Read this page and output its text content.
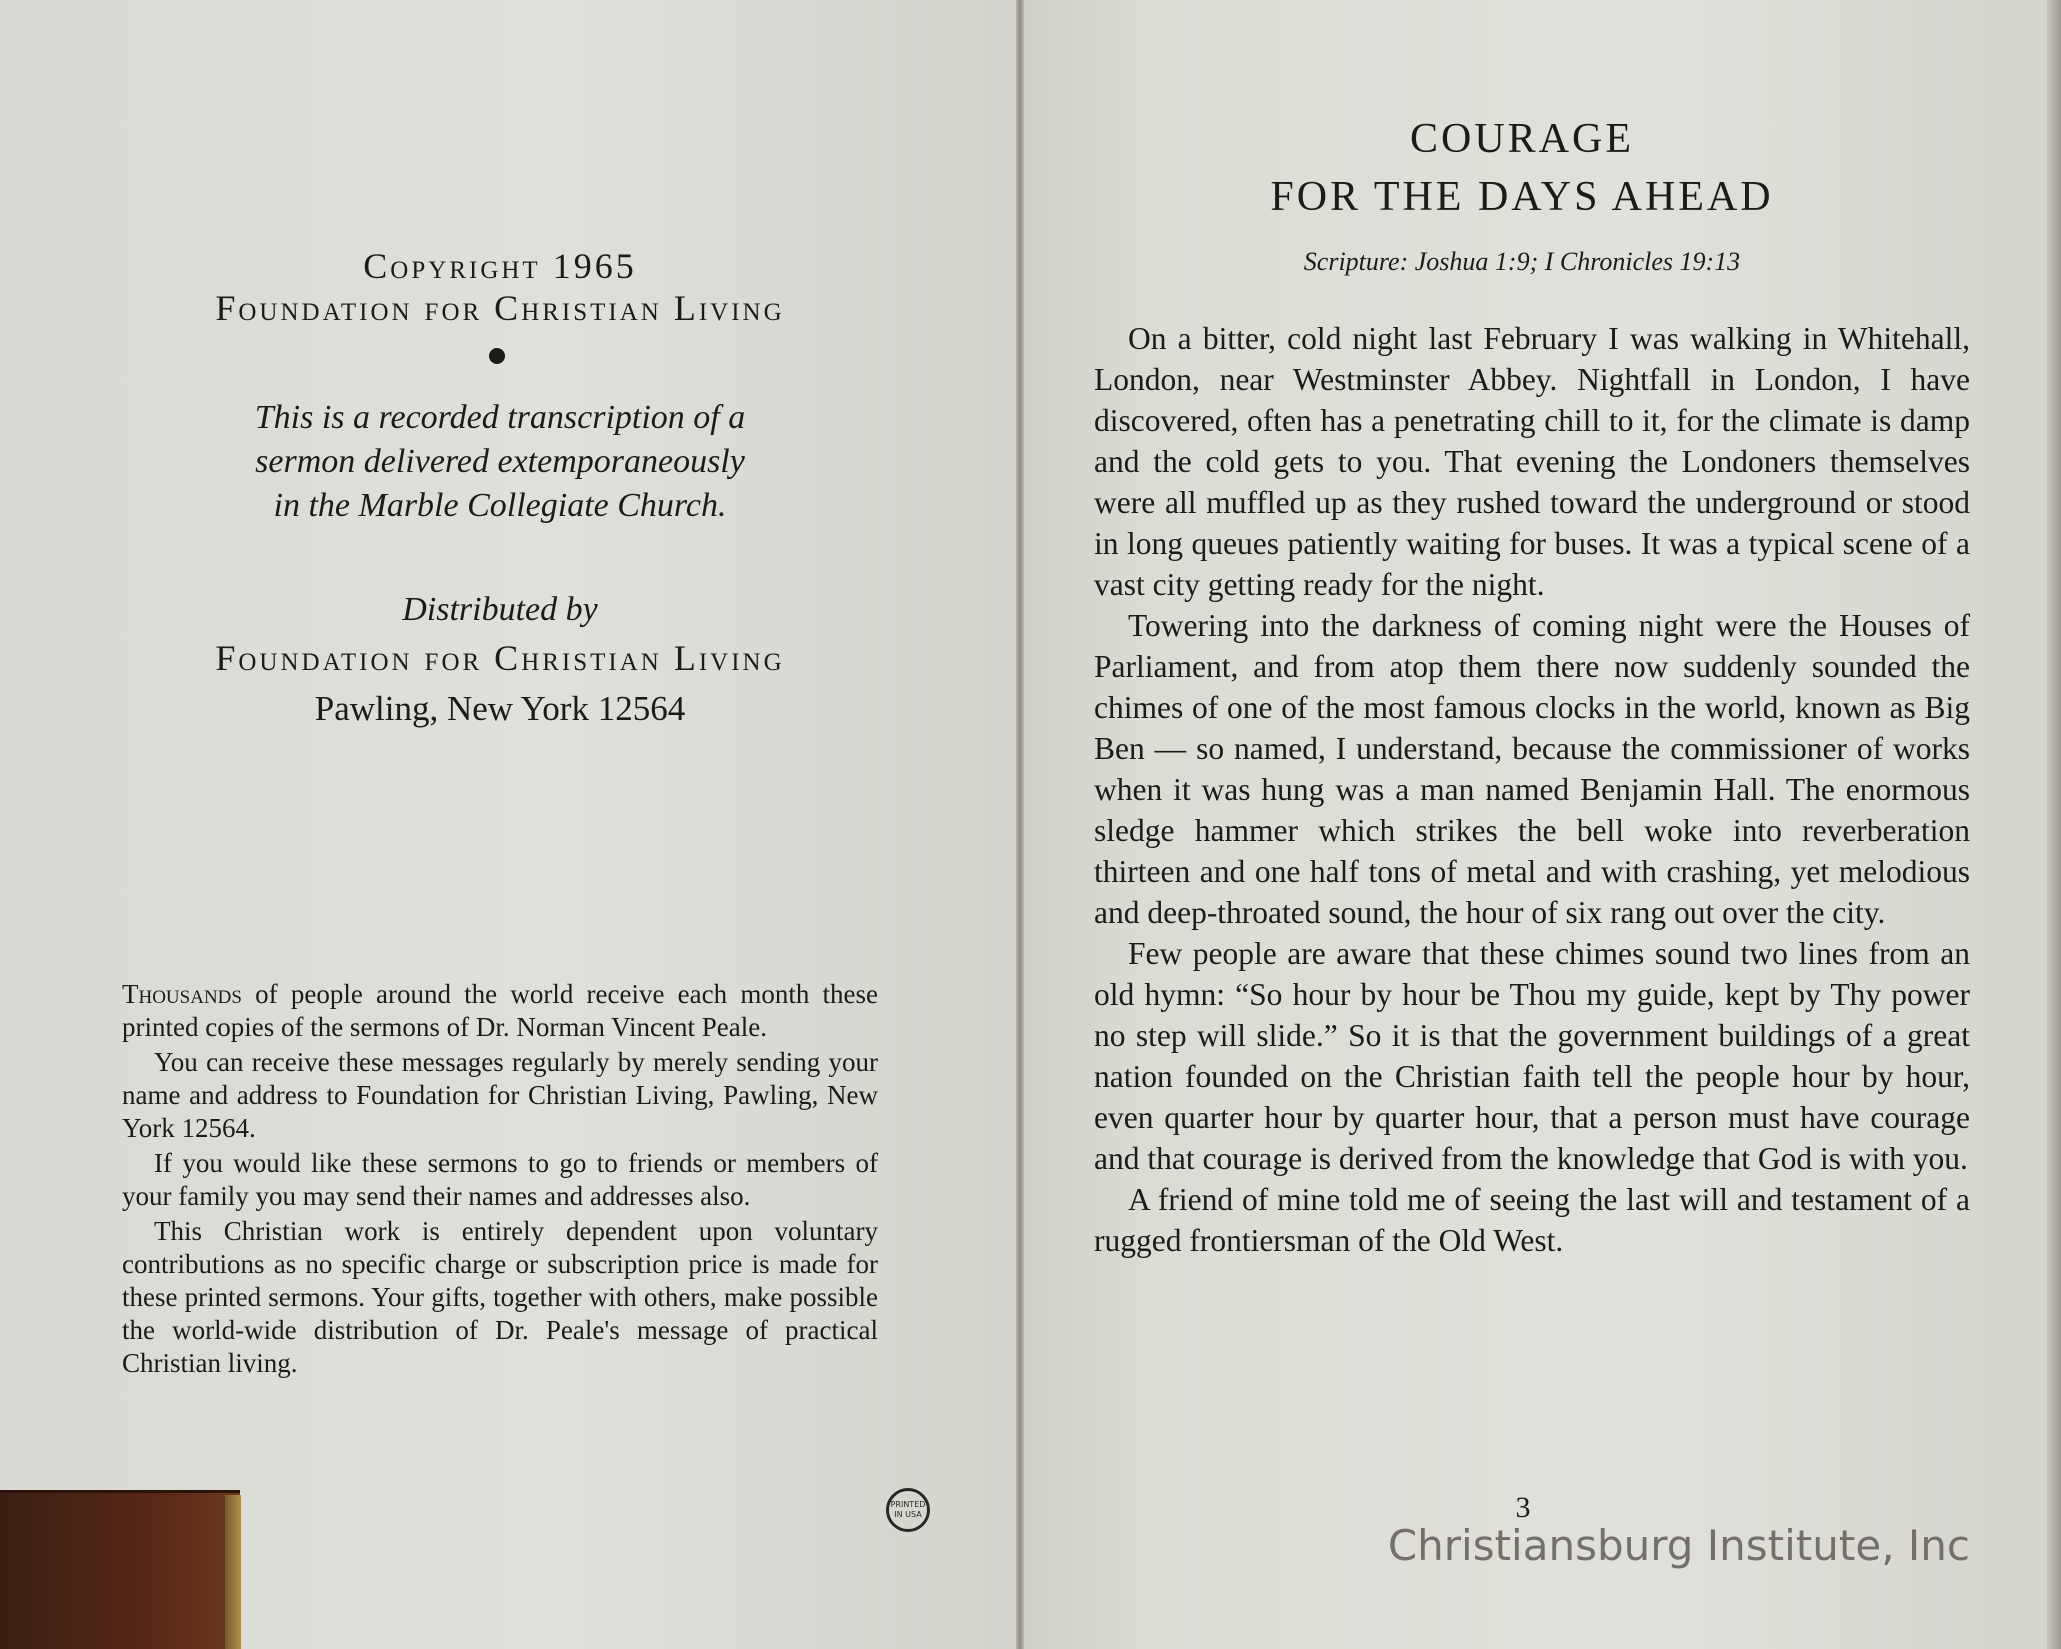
Copyright 1965
Foundation for Christian Living
This is a recorded transcription of a
sermon delivered extemporaneously
in the Marble Collegiate Church.
Distributed by
Foundation for Christian Living
Pawling, New York 12564

Thousands of people around the world receive each month these printed copies of the sermons of Dr. Norman Vincent Peale.

You can receive these messages regularly by merely sending your name and address to Foundation for Christian Living, Pawling, New York 12564.

If you would like these sermons to go to friends or members of your family you may send their names and addresses also.

This Christian work is entirely dependent upon voluntary contributions as no specific charge or subscription price is made for these printed sermons. Your gifts, together with others, make possible the world-wide distribution of Dr. Peale's message of practical Christian living.

PRINTED IN USA
COURAGE
FOR THE DAYS AHEAD
Scripture: Joshua 1:9; I Chronicles 19:13

On a bitter, cold night last February I was walking in Whitehall, London, near Westminster Abbey. Nightfall in London, I have discovered, often has a penetrating chill to it, for the climate is damp and the cold gets to you. That evening the Londoners themselves were all muffled up as they rushed toward the underground or stood in long queues patiently waiting for buses. It was a typical scene of a vast city getting ready for the night.

Towering into the darkness of coming night were the Houses of Parliament, and from atop them there now suddenly sounded the chimes of one of the most famous clocks in the world, known as Big Ben — so named, I understand, because the commissioner of works when it was hung was a man named Benjamin Hall. The enormous sledge hammer which strikes the bell woke into reverberation thirteen and one half tons of metal and with crashing, yet melodious and deep-throated sound, the hour of six rang out over the city.

Few people are aware that these chimes sound two lines from an old hymn: “So hour by hour be Thou my guide, kept by Thy power no step will slide.” So it is that the government buildings of a great nation founded on the Christian faith tell the people hour by hour, even quarter hour by quarter hour, that a person must have courage and that courage is derived from the knowledge that God is with you.

A friend of mine told me of seeing the last will and testament of a rugged frontiersman of the Old West.

3
Christiansburg Institute, Inc
